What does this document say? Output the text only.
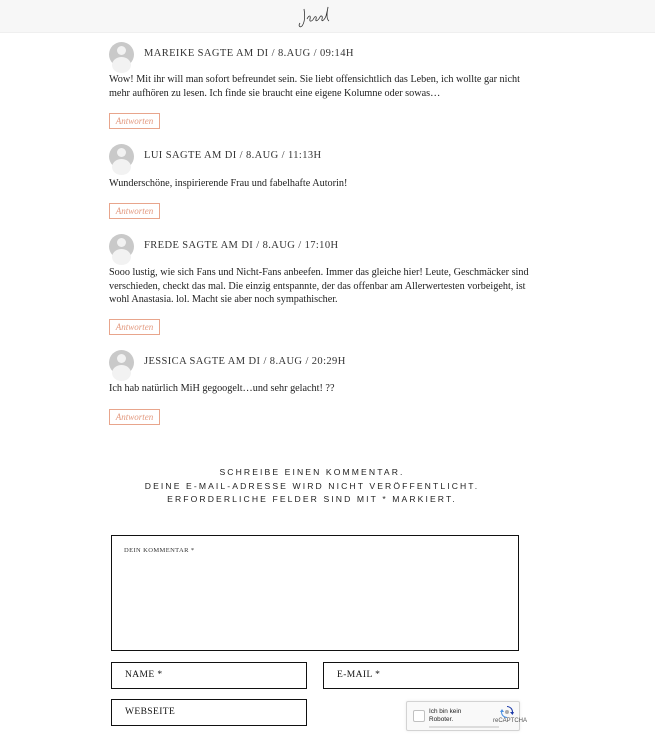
MAREIKE SAGTE AM DI / 8.AUG / 09:14H
Wow! Mit ihr will man sofort befreundet sein. Sie liebt offensichtlich das Leben, ich wollte gar nicht mehr aufhören zu lesen. Ich finde sie braucht eine eigene Kolumne oder sowas…
Antworten
LUI SAGTE AM DI / 8.AUG / 11:13H
Wunderschöne, inspirierende Frau und fabelhafte Autorin!
Antworten
FREDE SAGTE AM DI / 8.AUG / 17:10H
Sooo lustig, wie sich Fans und Nicht-Fans anbeefen. Immer das gleiche hier! Leute, Geschmäcker sind verschieden, checkt das mal. Die einzig entspannte, der das offenbar am Allerwertesten vorbeigeht, ist wohl Anastasia. lol. Macht sie aber noch sympathischer.
Antworten
JESSICA SAGTE AM DI / 8.AUG / 20:29H
Ich hab natürlich MiH gegoogelt…und sehr gelacht! ??
Antworten
SCHREIBE EINEN KOMMENTAR.
DEINE E-MAIL-ADRESSE WIRD NICHT VERÖFFENTLICHT.
ERFORDERLICHE FELDER SIND MIT * MARKIERT.
DEIN KOMMENTAR *
NAME *	E-MAIL *
WEBSEITE	Ich bin kein Roboter.	reCAPTCHA
